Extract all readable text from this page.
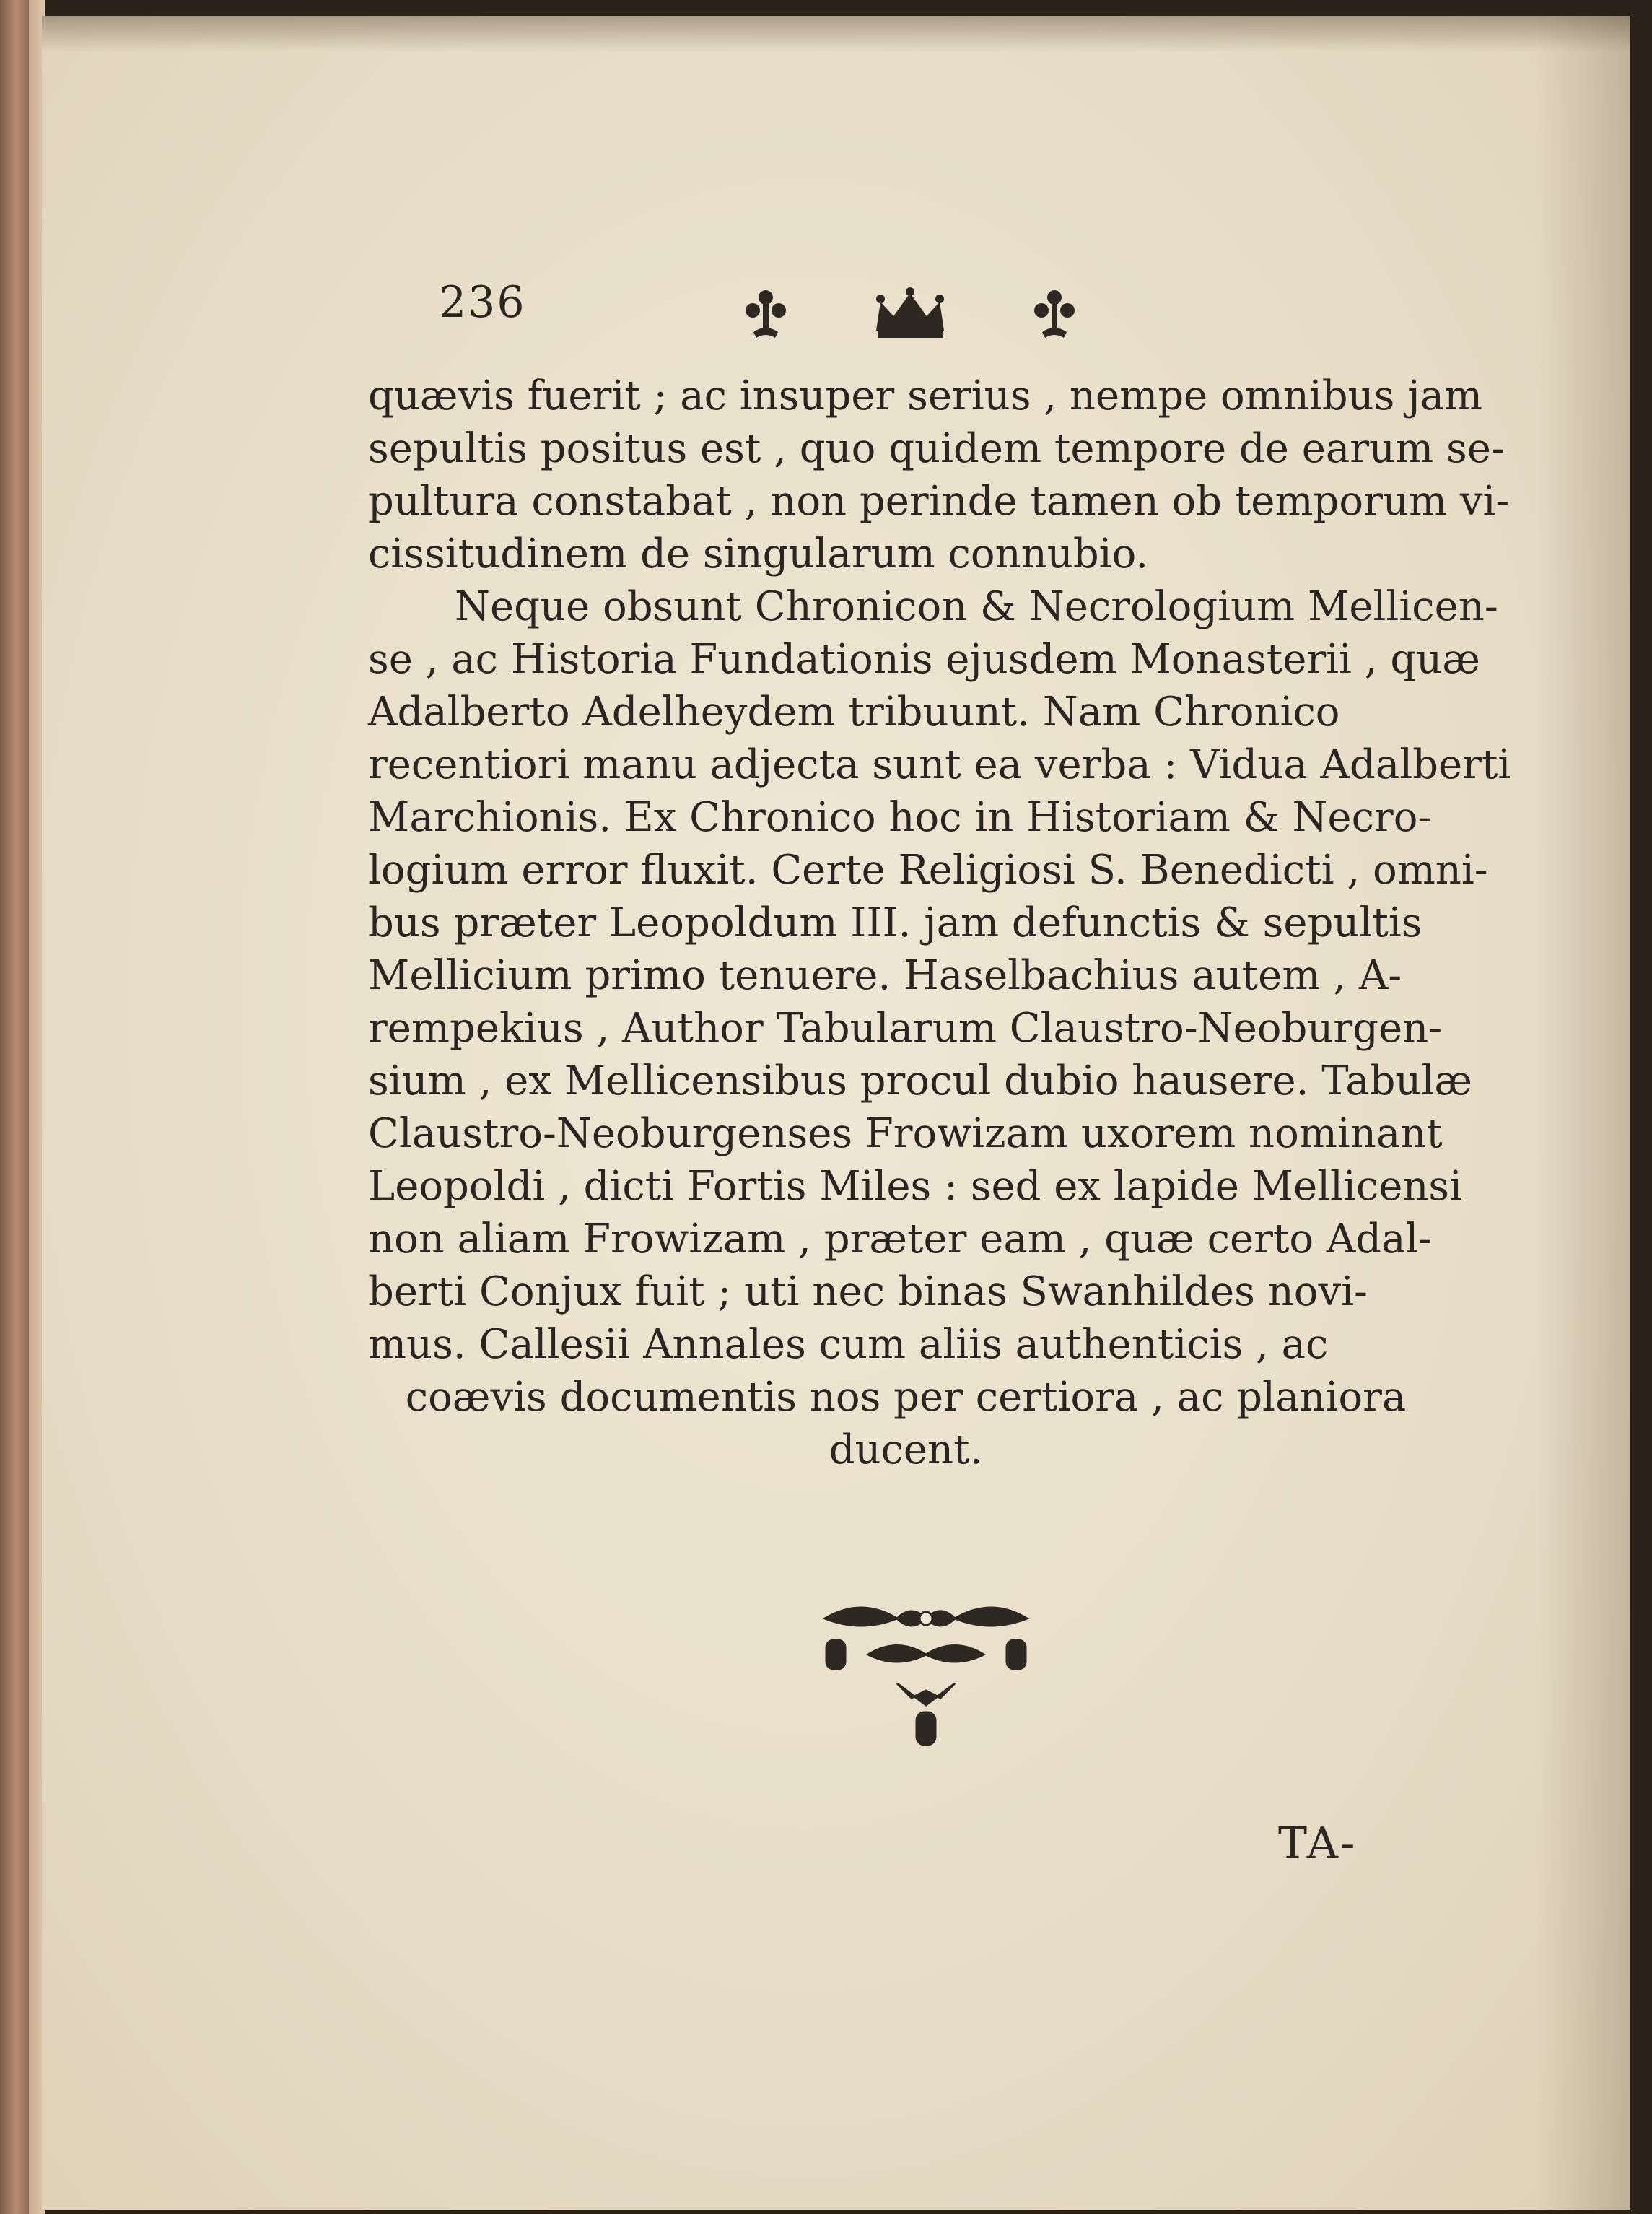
236
quævis fuerit ; ac insuper serius , nempe omnibus jam
sepultis positus est , quo quidem tempore de earum se-
pultura constabat , non perinde tamen ob temporum vi-
cissitudinem de singularum connubio.
Neque obsunt Chronicon & Necrologium Mellicen-
se , ac Historia Fundationis ejusdem Monasterii , quæ
Adalberto Adelheydem tribuunt. Nam Chronico
recentiori manu adjecta sunt ea verba : Vidua Adalberti
Marchionis. Ex Chronico hoc in Historiam & Necro-
logium error fluxit. Certe Religiosi S. Benedicti , omni-
bus præter Leopoldum III. jam defunctis & sepultis
Mellicium primo tenuere. Haselbachius autem , A-
rempekius , Author Tabularum Claustro-Neoburgen-
sium , ex Mellicensibus procul dubio hausere. Tabulæ
Claustro-Neoburgenses Frowizam uxorem nominant
Leopoldi , dicti Fortis Miles : sed ex lapide Mellicensi
non aliam Frowizam , præter eam , quæ certo Adal-
berti Conjux fuit ; uti nec binas Swanhildes novi-
mus. Callesii Annales cum aliis authenticis , ac
coævis documentis nos per certiora , ac planiora
ducent.
TA-
